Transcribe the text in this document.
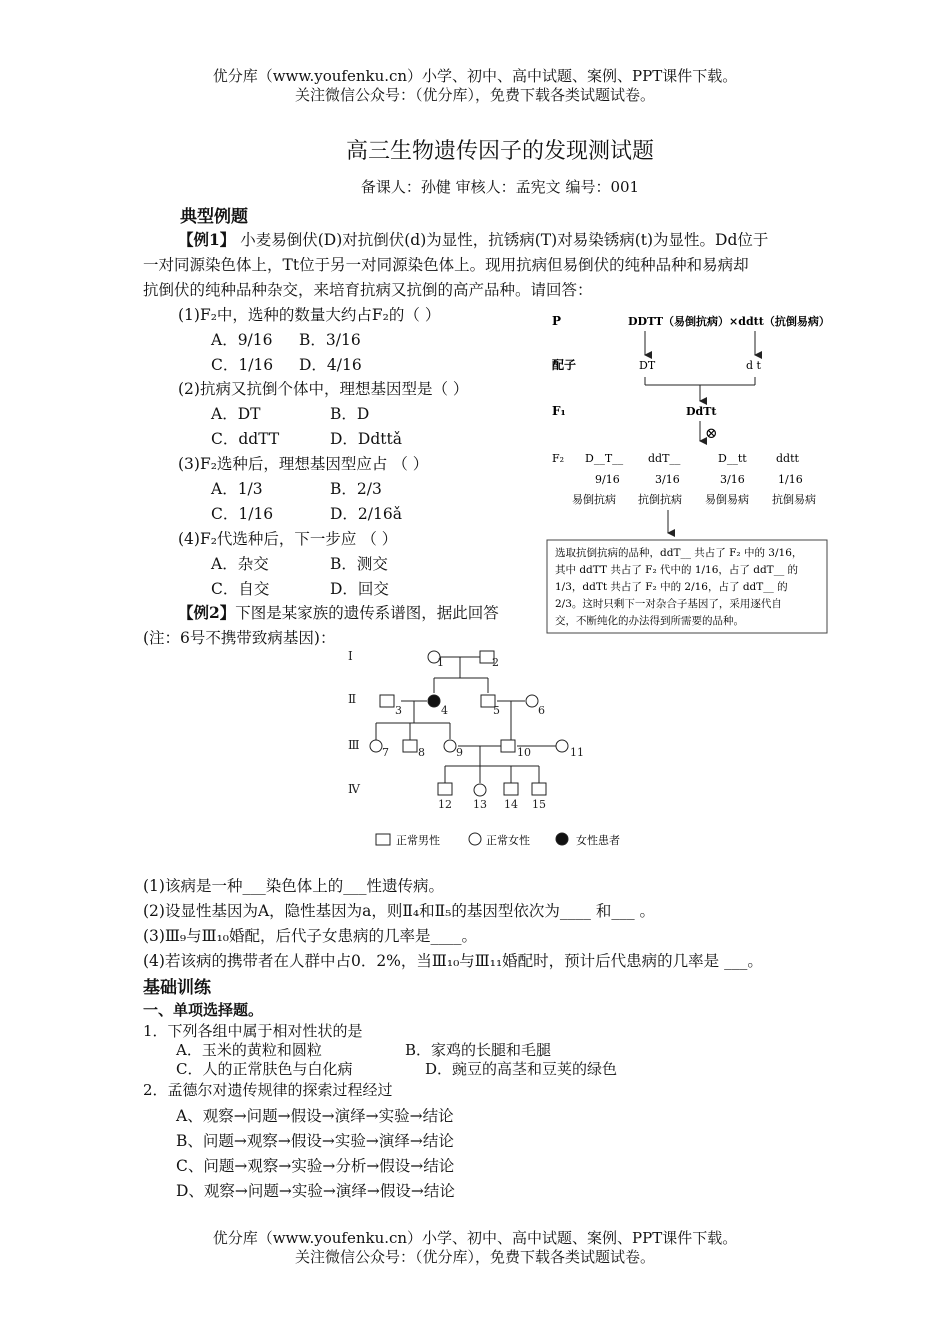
优分库（www.youfenku.cn）小学、初中、高中试题、案例、PPT课件下载。
关注微信公众号：（优分库），免费下载各类试题试卷。
高三生物遗传因子的发现测试题
备课人：孙健 审核人：孟宪文 编号：001
典型例题
【例1】 小麦易倒伏(D)对抗倒伏(d)为显性，抗锈病(T)对易染锈病(t)为显性。Dd位于
一对同源染色体上，Tt位于另一对同源染色体上。现用抗病但易倒伏的纯种品种和易病却
抗倒伏的纯种品种杂交，来培育抗病又抗倒的高产品种。请回答：
(1)F₂中，选种的数量大约占F₂的（ ）
A．9/16 B．3/16
C．1/16 D．4/16
(2)抗病又抗倒个体中，理想基因型是（ ）
A．DT	B．D
C．ddTT	D．Ddttǎ
(3)F₂选种后，理想基因型应占 （ ）
A．1/3	B．2/3
C．1/16	D．2/16ǎ
(4)F₂代选种后，下一步应 （ ）
A．杂交	B．测交
C．自交	D．回交
P	DDTT（易倒抗病）×ddtt（抗倒易病）
配子	DT	d t
F₁	DdTt
⊗
F₂ D__T__ ddT__	D__tt	ddtt
9/16	3/16	3/16	1/16
易倒抗病 抗倒抗病 易倒易病 抗倒易病
选取抗倒抗病的品种，ddT__ 共占了 F₂ 中的 3/16，
其中 ddTT 共占了 F₂ 代中的 1/16，占了 ddT__ 的
1/3，ddTt 共占了 F₂ 中的 2/16，占了 ddT__ 的
2/3。这时只剩下一对杂合子基因了，采用逐代自
交，不断纯化的办法得到所需要的品种。
【例2】下图是某家族的遗传系谱图，据此回答
(注：6号不携带致病基因)：
Ⅰ
Ⅱ
Ⅲ
Ⅳ
1	2
3	4	5	6
7	8	9	10	11
12 13 14 15
正常男性	正常女性	女性患者
(1)该病是一种___染色体上的___性遗传病。
(2)设显性基因为A，隐性基因为a，则Ⅱ₄和Ⅱ₅的基因型依次为____ 和___ 。
(3)Ⅲ₉与Ⅲ₁₀婚配，后代子女患病的几率是____。
(4)若该病的携带者在人群中占0．2%，当Ⅲ₁₀与Ⅲ₁₁婚配时，预计后代患病的几率是 ___。
基础训练
一、单项选择题。
1．下列各组中属于相对性状的是
A．玉米的黄粒和圆粒	B．家鸡的长腿和毛腿
C．人的正常肤色与白化病	D．豌豆的高茎和豆荚的绿色
2．孟德尔对遗传规律的探索过程经过
A、观察→问题→假设→演绎→实验→结论
B、问题→观察→假设→实验→演绎→结论
C、问题→观察→实验→分析→假设→结论
D、观察→问题→实验→演绎→假设→结论
优分库（www.youfenku.cn）小学、初中、高中试题、案例、PPT课件下载。
关注微信公众号：（优分库），免费下载各类试题试卷。
